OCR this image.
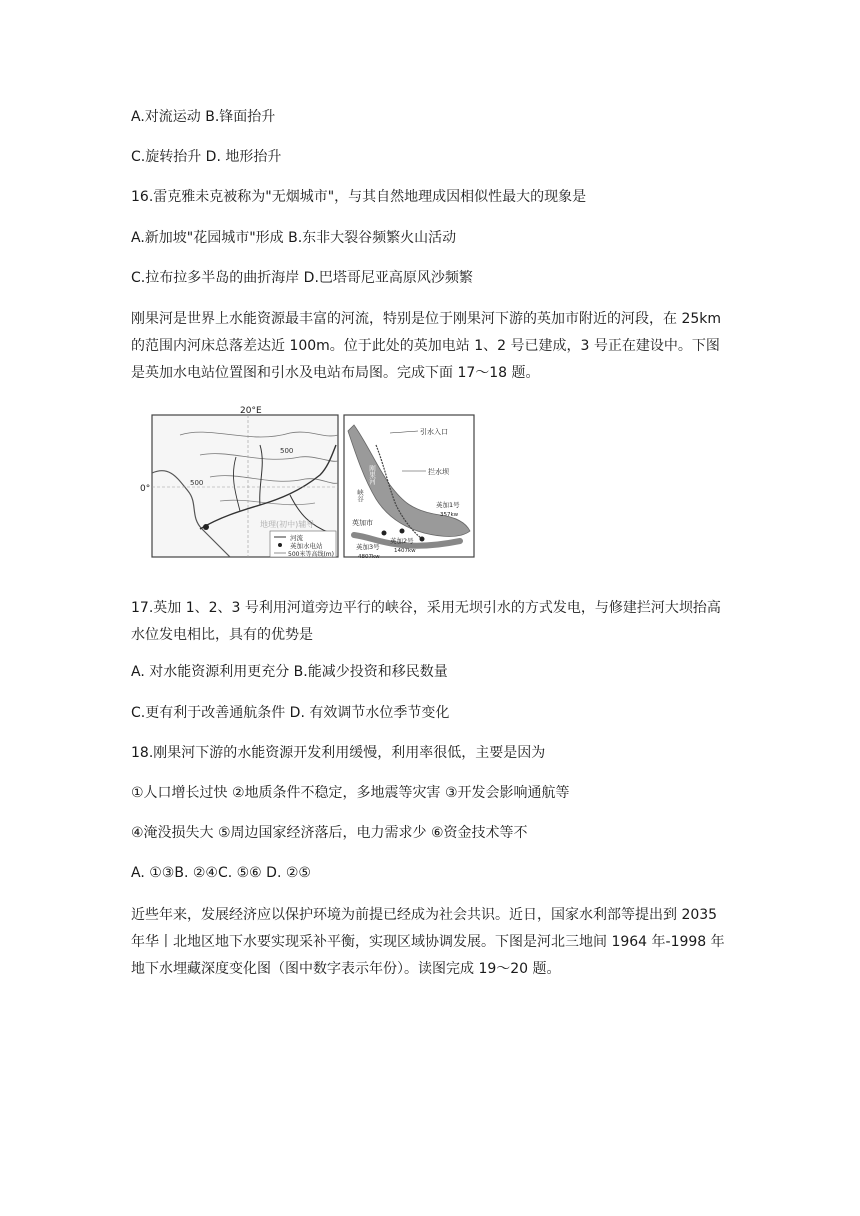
A.对流运动 B.锋面抬升
C.旋转抬升 D. 地形抬升
16.雷克雅未克被称为"无烟城市"，与其自然地理成因相似性最大的现象是
A.新加坡"花园城市"形成 B.东非大裂谷频繁火山活动
C.拉布拉多半岛的曲折海岸 D.巴塔哥尼亚高原风沙频繁
刚果河是世界上水能资源最丰富的河流，特别是位于刚果河下游的英加市附近的河段，在 25km 的范围内河床总落差达近 100m。位于此处的英加电站 1、2 号已建成，3 号正在建设中。下图是英加水电站位置图和引水及电站布局图。完成下面 17～18 题。
20°E
0°
500
500
地理(初中)辅导
河流
英加水电站
500米等高线(m)
引水入口
拦水坝
英加市
英加1号
357kw
英加2号
1407kw
英加3号
4807kw
刚果河
峡谷
17.英加 1、2、3 号利用河道旁边平行的峡谷，采用无坝引水的方式发电，与修建拦河大坝抬高水位发电相比，具有的优势是
A. 对水能资源利用更充分 B.能减少投资和移民数量
C.更有利于改善通航条件 D. 有效调节水位季节变化
18.刚果河下游的水能资源开发利用缓慢，利用率很低，主要是因为
①人口增长过快 ②地质条件不稳定，多地震等灾害 ③开发会影响通航等
④淹没损失大 ⑤周边国家经济落后，电力需求少 ⑥资金技术等不
A. ①③B. ②④C. ⑤⑥ D. ②⑤
近些年来，发展经济应以保护环境为前提已经成为社会共识。近日，国家水利部等提出到 2035 年华丨北地区地下水要实现采补平衡，实现区域协调发展。下图是河北三地间 1964 年-1998 年地下水埋藏深度变化图（图中数字表示年份）。读图完成 19～20 题。
